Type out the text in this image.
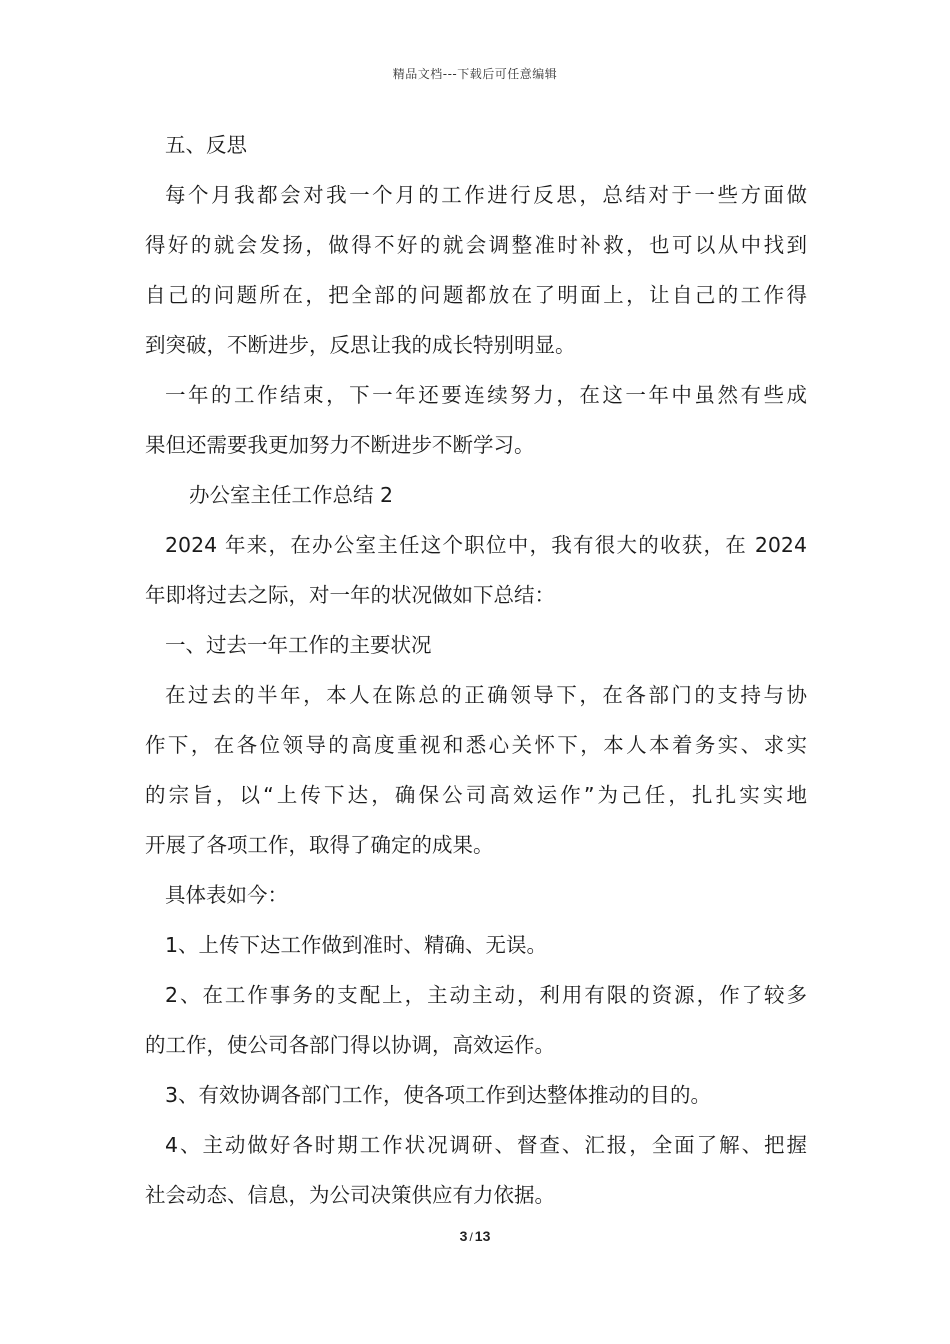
精品文档---下载后可任意编辑
五、反思
每个月我都会对我一个月的工作进行反思，总结对于一些方面做
得好的就会发扬，做得不好的就会调整准时补救，也可以从中找到
自己的问题所在，把全部的问题都放在了明面上，让自己的工作得
到突破，不断进步，反思让我的成长特别明显。
一年的工作结束，下一年还要连续努力，在这一年中虽然有些成
果但还需要我更加努力不断进步不断学习。
办公室主任工作总结 2
2024 年来，在办公室主任这个职位中，我有很大的收获，在 2024
年即将过去之际，对一年的状况做如下总结：
一、过去一年工作的主要状况
在过去的半年，本人在陈总的正确领导下，在各部门的支持与协
作下，在各位领导的高度重视和悉心关怀下，本人本着务实、求实
的宗旨，以“上传下达，确保公司高效运作”为己任，扎扎实实地
开展了各项工作，取得了确定的成果。
具体表如今：
1、上传下达工作做到准时、精确、无误。
2、在工作事务的支配上，主动主动，利用有限的资源，作了较多
的工作，使公司各部门得以协调，高效运作。
3、有效协调各部门工作，使各项工作到达整体推动的目的。
4、主动做好各时期工作状况调研、督查、汇报，全面了解、把握
社会动态、信息，为公司决策供应有力依据。
3 / 13
